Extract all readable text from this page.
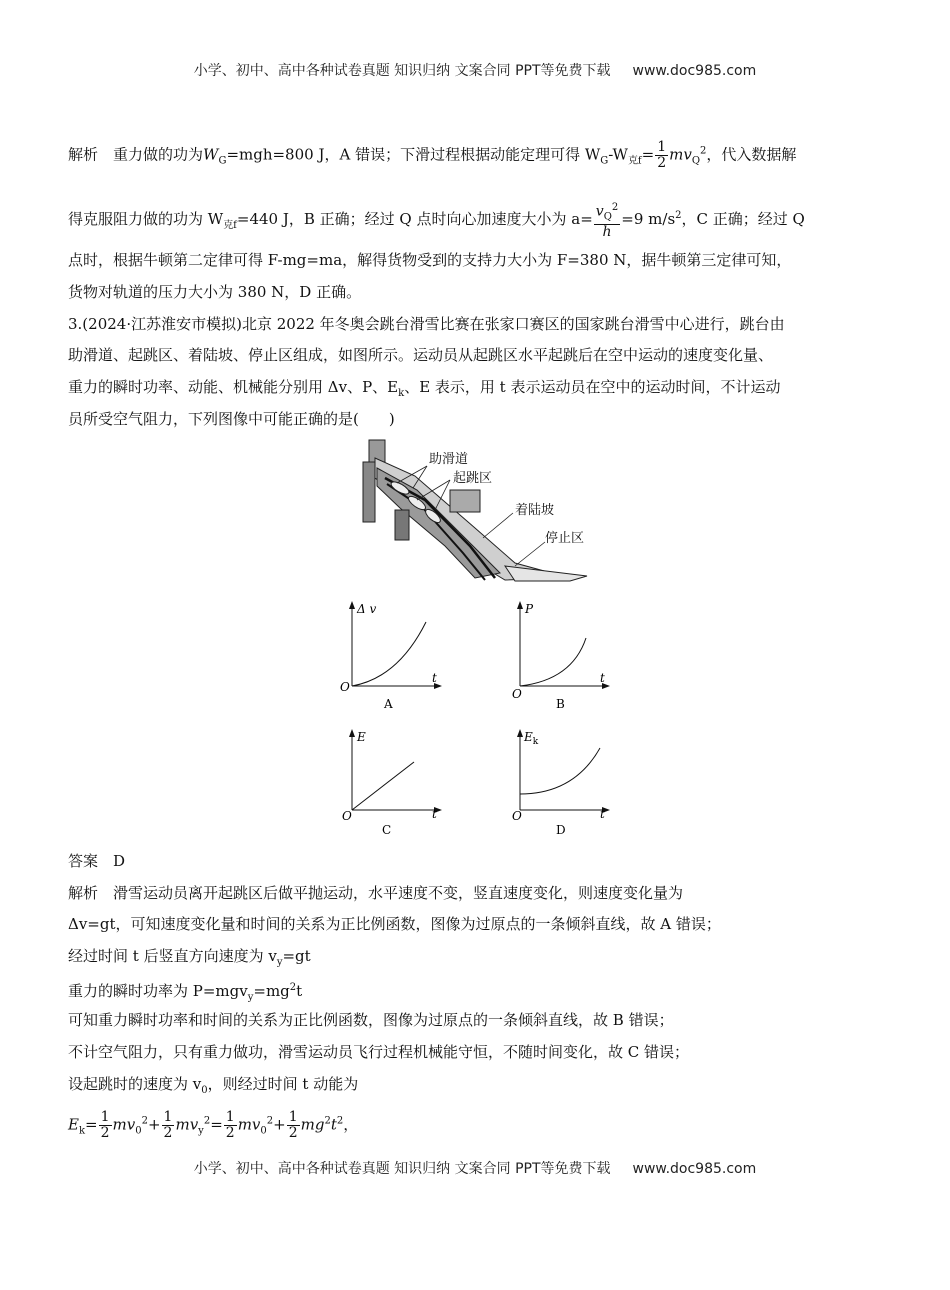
小学、初中、高中各种试卷真题 知识归纳 文案合同 PPT等免费下载 www.doc985.com
解析　重力做的功为$W_G=mgh=800$ J，A 错误；下滑过程根据动能定理可得 $W_G-W_{克f}= \frac{1}{2} mv_Q^2$，代入数据解
得克服阻力做的功为 $W_{克f}=440$ J，B 正确；经过 Q 点时向心加速度大小为 $a= \frac{v_Q^2}{h} =9$ $m/s^2$，C 正确；经过 Q
点时，根据牛顿第二定律可得 F-mg=ma，解得货物受到的支持力大小为 F=380 N，据牛顿第三定律可知，
货物对轨道的压力大小为 380 N，D 正确。
3.(2024·江苏淮安市模拟)北京 2022 年冬奥会跳台滑雪比赛在张家口赛区的国家跳台滑雪中心进行，跳台由
助滑道、起跳区、着陆坡、停止区组成，如图所示。运动员从起跳区水平起跳后在空中运动的速度变化量、
重力的瞬时功率、动能、机械能分别用 Δv、P、$E_k$、E 表示，用 t 表示运动员在空中的运动时间，不计运动
员所受空气阻力，下列图像中可能正确的是(　　)
助滑道
起跳区
着陆坡
停止区
Δ v
O
t
A
P
O
t
B
E
O	t
C
$E_k$
O	t
D
答案　D
解析　滑雪运动员离开起跳区后做平抛运动，水平速度不变，竖直速度变化，则速度变化量为
Δv=gt，可知速度变化量和时间的关系为正比例函数，图像为过原点的一条倾斜直线，故 A 错误；
经过时间 t 后竖直方向速度为 $v_y=gt$
重力的瞬时功率为 $P=mgv_y=mg^2t$
可知重力瞬时功率和时间的关系为正比例函数，图像为过原点的一条倾斜直线，故 B 错误；
不计空气阻力，只有重力做功，滑雪运动员飞行过程机械能守恒，不随时间变化，故 C 错误；
设起跳时的速度为 $v_0$，则经过时间 t 动能为
$E_k= \frac{1}{2} mv_0^2+ \frac{1}{2} mv_y^2= \frac{1}{2} mv_0^2+ \frac{1}{2} mg^2t^2$，
小学、初中、高中各种试卷真题 知识归纳 文案合同 PPT等免费下载 www.doc985.com
